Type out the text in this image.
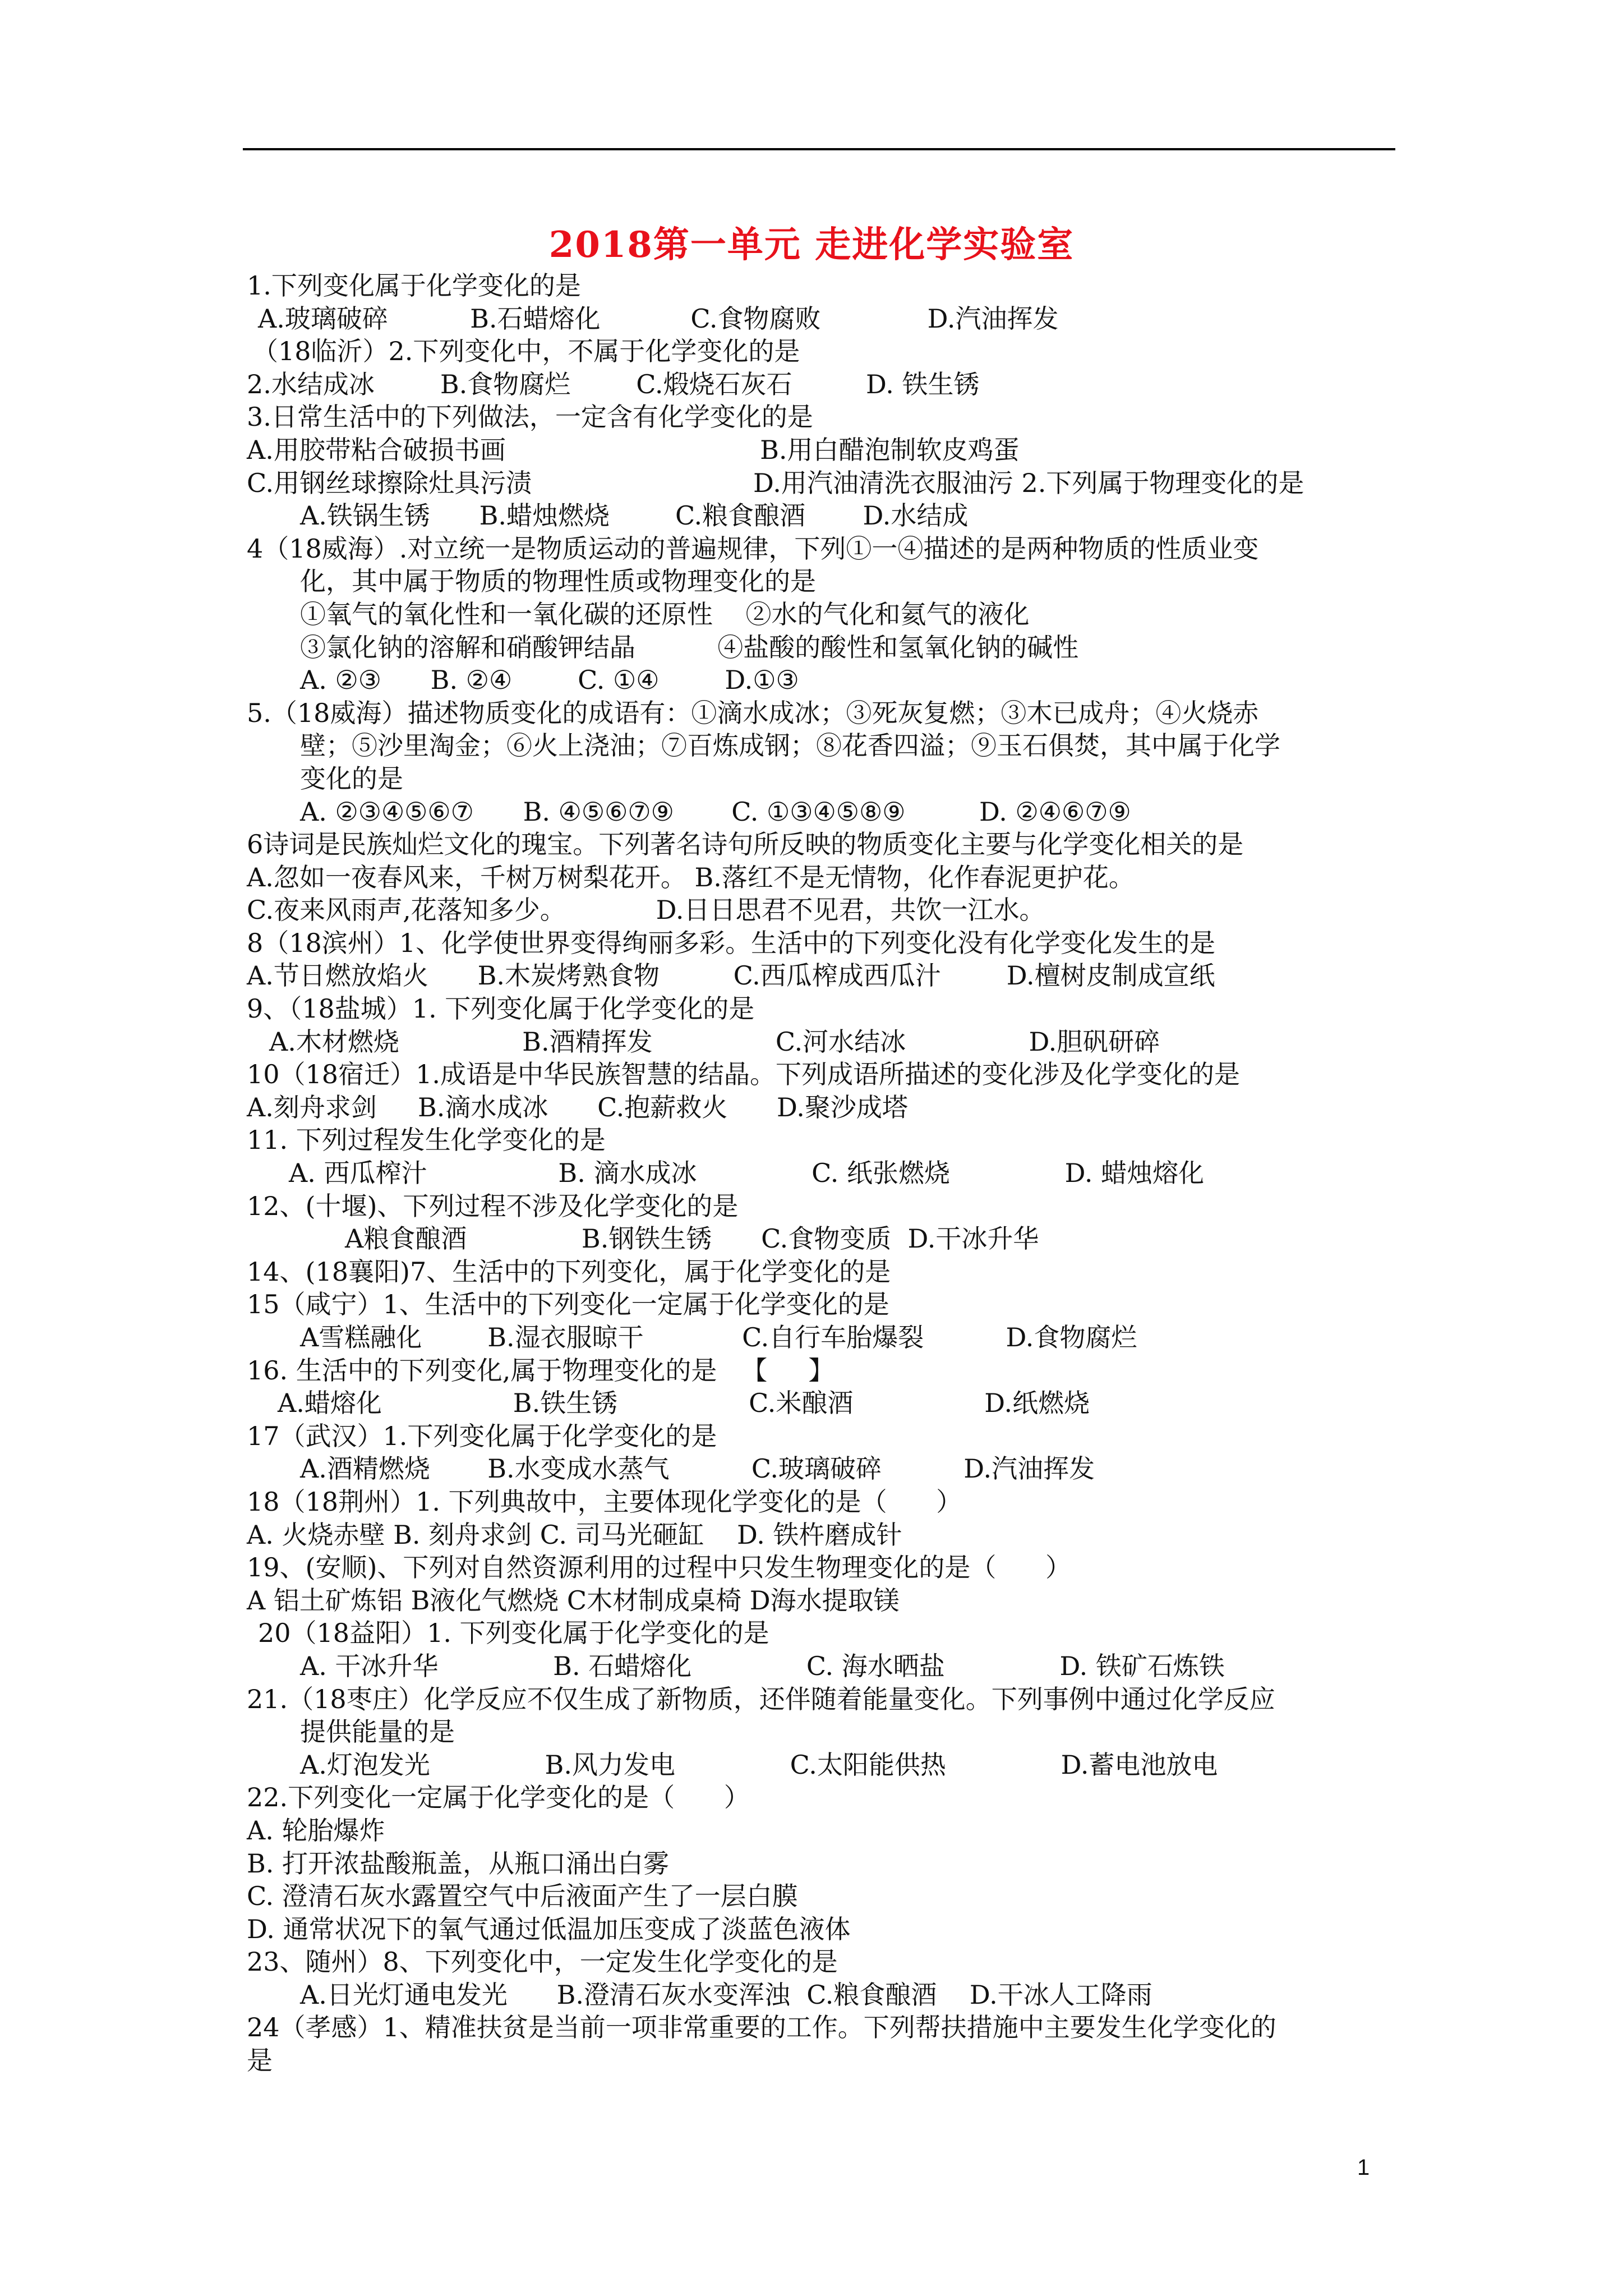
2018第一单元 走进化学实验室
1.下列变化属于化学变化的是
A.玻璃破碎          B.石蜡熔化           C.食物腐败             D.汽油挥发
（18临沂）2.下列变化中，不属于化学变化的是
2.水结成冰        B.食物腐烂        C.煅烧石灰石         D. 铁生锈
3.日常生活中的下列做法，一定含有化学变化的是
A.用胶带粘合破损书画                               B.用白醋泡制软皮鸡蛋
C.用钢丝球擦除灶具污渍                           D.用汽油清洗衣服油污 2.下列属于物理变化的是
A.铁锅生锈      B.蜡烛燃烧        C.粮食酿酒       D.水结成
4（18威海）.对立统一是物质运动的普遍规律，下列①一④描述的是两种物质的性质业变
化，其中属于物质的物理性质或物理变化的是
①氧气的氧化性和一氧化碳的还原性    ②水的气化和氦气的液化
③氯化钠的溶解和硝酸钾结晶          ④盐酸的酸性和氢氧化钠的碱性
A. ②③      B. ②④        C. ①④        D.①③
5.（18威海）描述物质变化的成语有：①滴水成冰；③死灰复燃；③木已成舟；④火烧赤
壁；⑤沙里淘金；⑥火上浇油；⑦百炼成钢；⑧花香四溢；⑨玉石俱焚，其中属于化学
变化的是
A. ②③④⑤⑥⑦      B. ④⑤⑥⑦⑨       C. ①③④⑤⑧⑨         D. ②④⑥⑦⑨
6诗词是民族灿烂文化的瑰宝。下列著名诗句所反映的物质变化主要与化学变化相关的是
A.忽如一夜春风来，千树万树梨花开。 B.落红不是无情物，化作春泥更护花。
C.夜来风雨声,花落知多少。           D.日日思君不见君，共饮一江水。
8（18滨州）1、化学使世界变得绚丽多彩。生活中的下列变化没有化学变化发生的是
A.节日燃放焰火      B.木炭烤熟食物         C.西瓜榨成西瓜汁        D.檀树皮制成宣纸
9、（18盐城）1. 下列变化属于化学变化的是
A.木材燃烧               B.酒精挥发               C.河水结冰               D.胆矾研碎
10（18宿迁）1.成语是中华民族智慧的结晶。下列成语所描述的变化涉及化学变化的是
A.刻舟求剑     B.滴水成冰      C.抱薪救火      D.聚沙成塔
11. 下列过程发生化学变化的是
A. 西瓜榨汁                B. 滴水成冰              C. 纸张燃烧              D. 蜡烛熔化
12、(十堰)、下列过程不涉及化学变化的是
A粮食酿酒              B.钢铁生锈      C.食物变质  D.干冰升华
14、(18襄阳)7、生活中的下列变化，属于化学变化的是
15（咸宁）1、生活中的下列变化一定属于化学变化的是
A雪糕融化        B.湿衣服晾干            C.自行车胎爆裂          D.食物腐烂
16. 生活中的下列变化,属于物理变化的是   【     】
A.蜡熔化                B.铁生锈                C.米酿酒                D.纸燃烧
17（武汉）1.下列变化属于化学变化的是
A.酒精燃烧       B.水变成水蒸气          C.玻璃破碎          D.汽油挥发
18（18荆州）1. 下列典故中，主要体现化学变化的是（      ）
A. 火烧赤壁 B. 刻舟求剑 C. 司马光砸缸    D. 铁杵磨成针
19、(安顺)、下列对自然资源利用的过程中只发生物理变化的是（      ）
A 铝土矿炼铝 B液化气燃烧 C木材制成桌椅 D海水提取镁
20（18益阳）1. 下列变化属于化学变化的是
A. 干冰升华              B. 石蜡熔化              C. 海水晒盐              D. 铁矿石炼铁
21.（18枣庄）化学反应不仅生成了新物质，还伴随着能量变化。下列事例中通过化学反应
提供能量的是
A.灯泡发光              B.风力发电              C.太阳能供热              D.蓄电池放电
22.下列变化一定属于化学变化的是（      ）
A. 轮胎爆炸
B. 打开浓盐酸瓶盖，从瓶口涌出白雾
C. 澄清石灰水露置空气中后液面产生了一层白膜
D. 通常状况下的氧气通过低温加压变成了淡蓝色液体
23、随州）8、下列变化中，一定发生化学变化的是
A.日光灯通电发光      B.澄清石灰水变浑浊  C.粮食酿酒    D.干冰人工降雨
24（孝感）1、精准扶贫是当前一项非常重要的工作。下列帮扶措施中主要发生化学变化的
是
1
